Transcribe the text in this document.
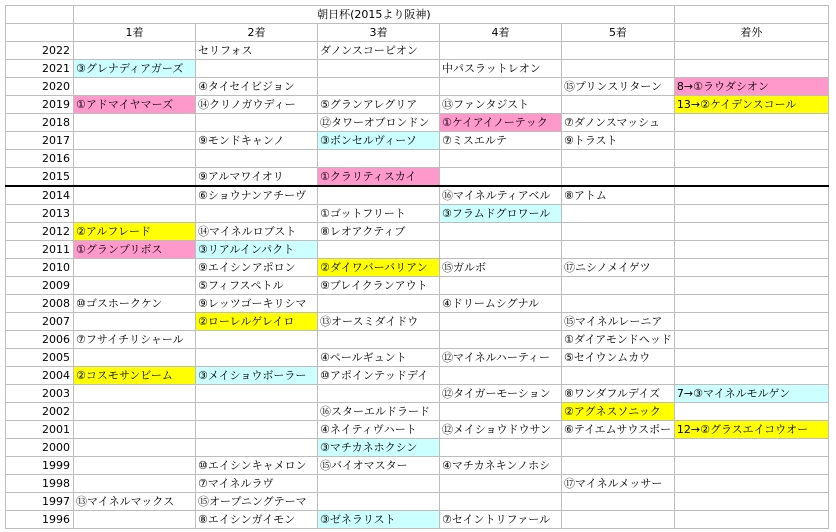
	朝日杯(2015より阪神)					
	1着	2着	3着	4着	5着	着外
2022		セリフォス	ダノンスコーピオン			
2021	③グレナディアガーズ			中パスラットレオン		
2020		④タイセイビジョン			⑮プリンスリターン	8→①ラウダシオン
2019	①アドマイヤマーズ	⑭クリノガウディー	⑤グランアレグリア	⑬ファンタジスト		13→②ケイデンスコール
2018			⑫タワーオブロンドン	①ケイアイノーテック	⑦ダノンスマッシュ	
2017		⑨モンドキャンノ	③ボンセルヴィーソ	⑦ミスエルテ	⑨トラスト	
2016						
2015		⑨アルマワイオリ	①クラリティスカイ			
2014		⑥ショウナンアチーヴ		⑯マイネルティアベル	⑧アトム	
2013			①ゴットフリート	③フラムドグロワール		
2012	②アルフレード	⑭マイネルロブスト	⑧レオアクティブ			
2011	①グランプリボス	③リアルインパクト				
2010		⑨エイシンアポロン	②ダイワバーバリアン	⑮ガルボ	⑰ニシノメイゲツ	
2009		⑤フィフスペトル	⑨ブレイクランアウト			
2008	⑩ゴスホークケン	⑨レッツゴーキリシマ		④ドリームシグナル		
2007		②ローレルゲレイロ	⑬オースミダイドウ		⑮マイネルレーニア	
2006	⑦フサイチリシャール				①ダイアモンドヘッド	
2005			④ペールギュント	⑫マイネルハーティー	⑤セイウンムカウ	
2004	②コスモサンビーム	③メイショウボーラー	⑩アポインテッドデイ			
2003				⑫タイガーモーション	⑧ワンダフルデイズ	7→③マイネルモルゲン
2002			⑯スターエルドラード		②アグネスソニック	
2001			④ネイティヴハート	⑫メイショウドウサン	⑥テイエムサウスポー	12→②グラスエイコウオー
2000			③マチカネホクシン			
1999		⑩エイシンキャメロン	⑮バイオマスター	④マチカネキンノホシ		
1998		⑦マイネルラヴ			⑰マイネルメッサー	
1997	⑬マイネルマックス	⑮オープニングテーマ				
1996		⑧エイシンガイモン	③ゼネラリスト	⑦セイントリファール		
